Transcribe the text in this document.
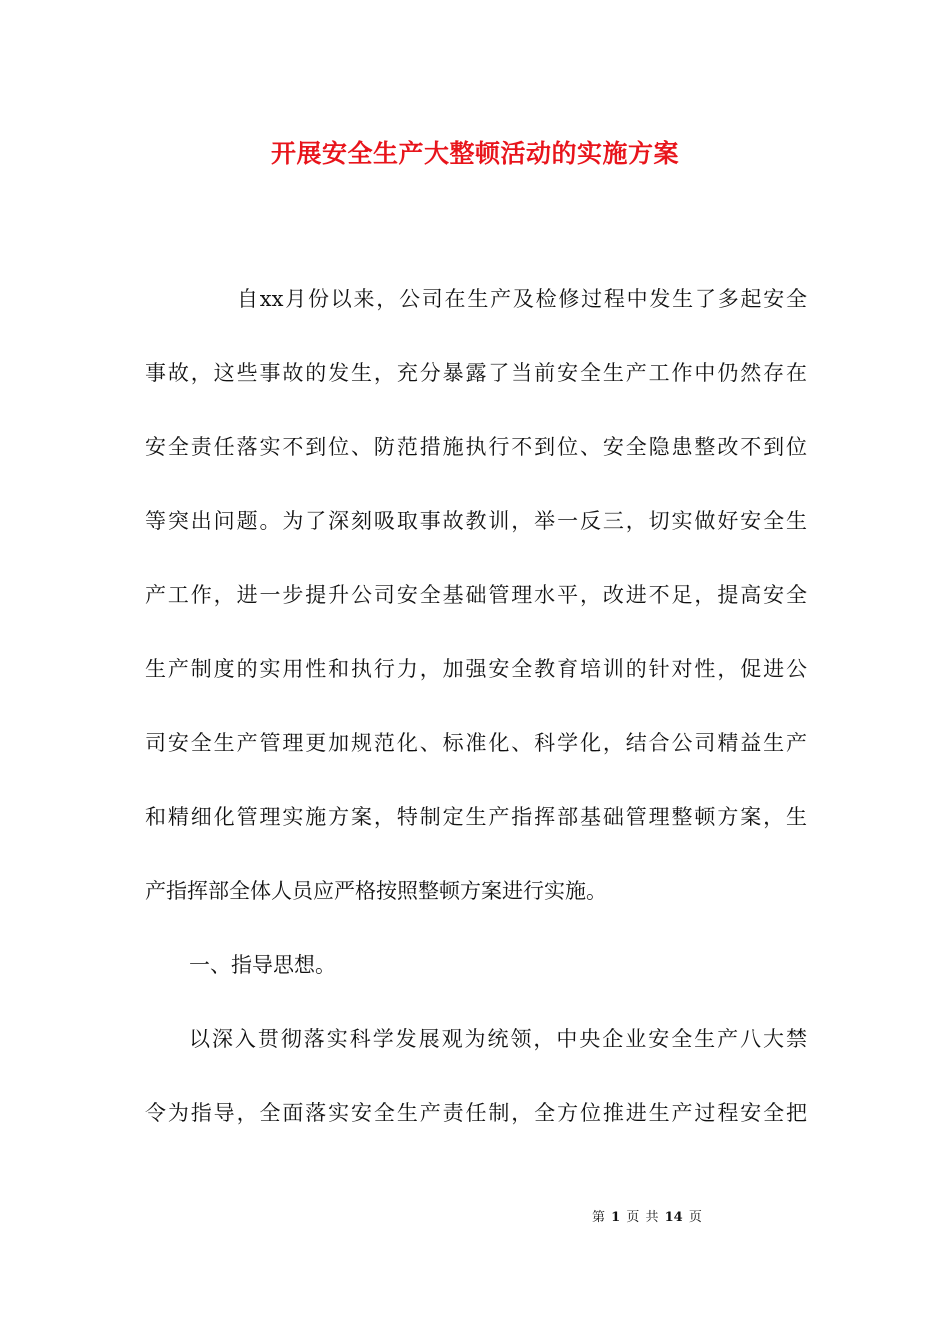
开展安全生产大整顿活动的实施方案
自xx月份以来，公司在生产及检修过程中发生了多起安全
事故，这些事故的发生，充分暴露了当前安全生产工作中仍然存在
安全责任落实不到位、防范措施执行不到位、安全隐患整改不到位
等突出问题。为了深刻吸取事故教训，举一反三，切实做好安全生
产工作，进一步提升公司安全基础管理水平，改进不足，提高安全
生产制度的实用性和执行力，加强安全教育培训的针对性，促进公
司安全生产管理更加规范化、标准化、科学化，结合公司精益生产
和精细化管理实施方案，特制定生产指挥部基础管理整顿方案，生
产指挥部全体人员应严格按照整顿方案进行实施。
一、指导思想。
以深入贯彻落实科学发展观为统领，中央企业安全生产八大禁
令为指导，全面落实安全生产责任制，全方位推进生产过程安全把
第 1 页 共 14 页
